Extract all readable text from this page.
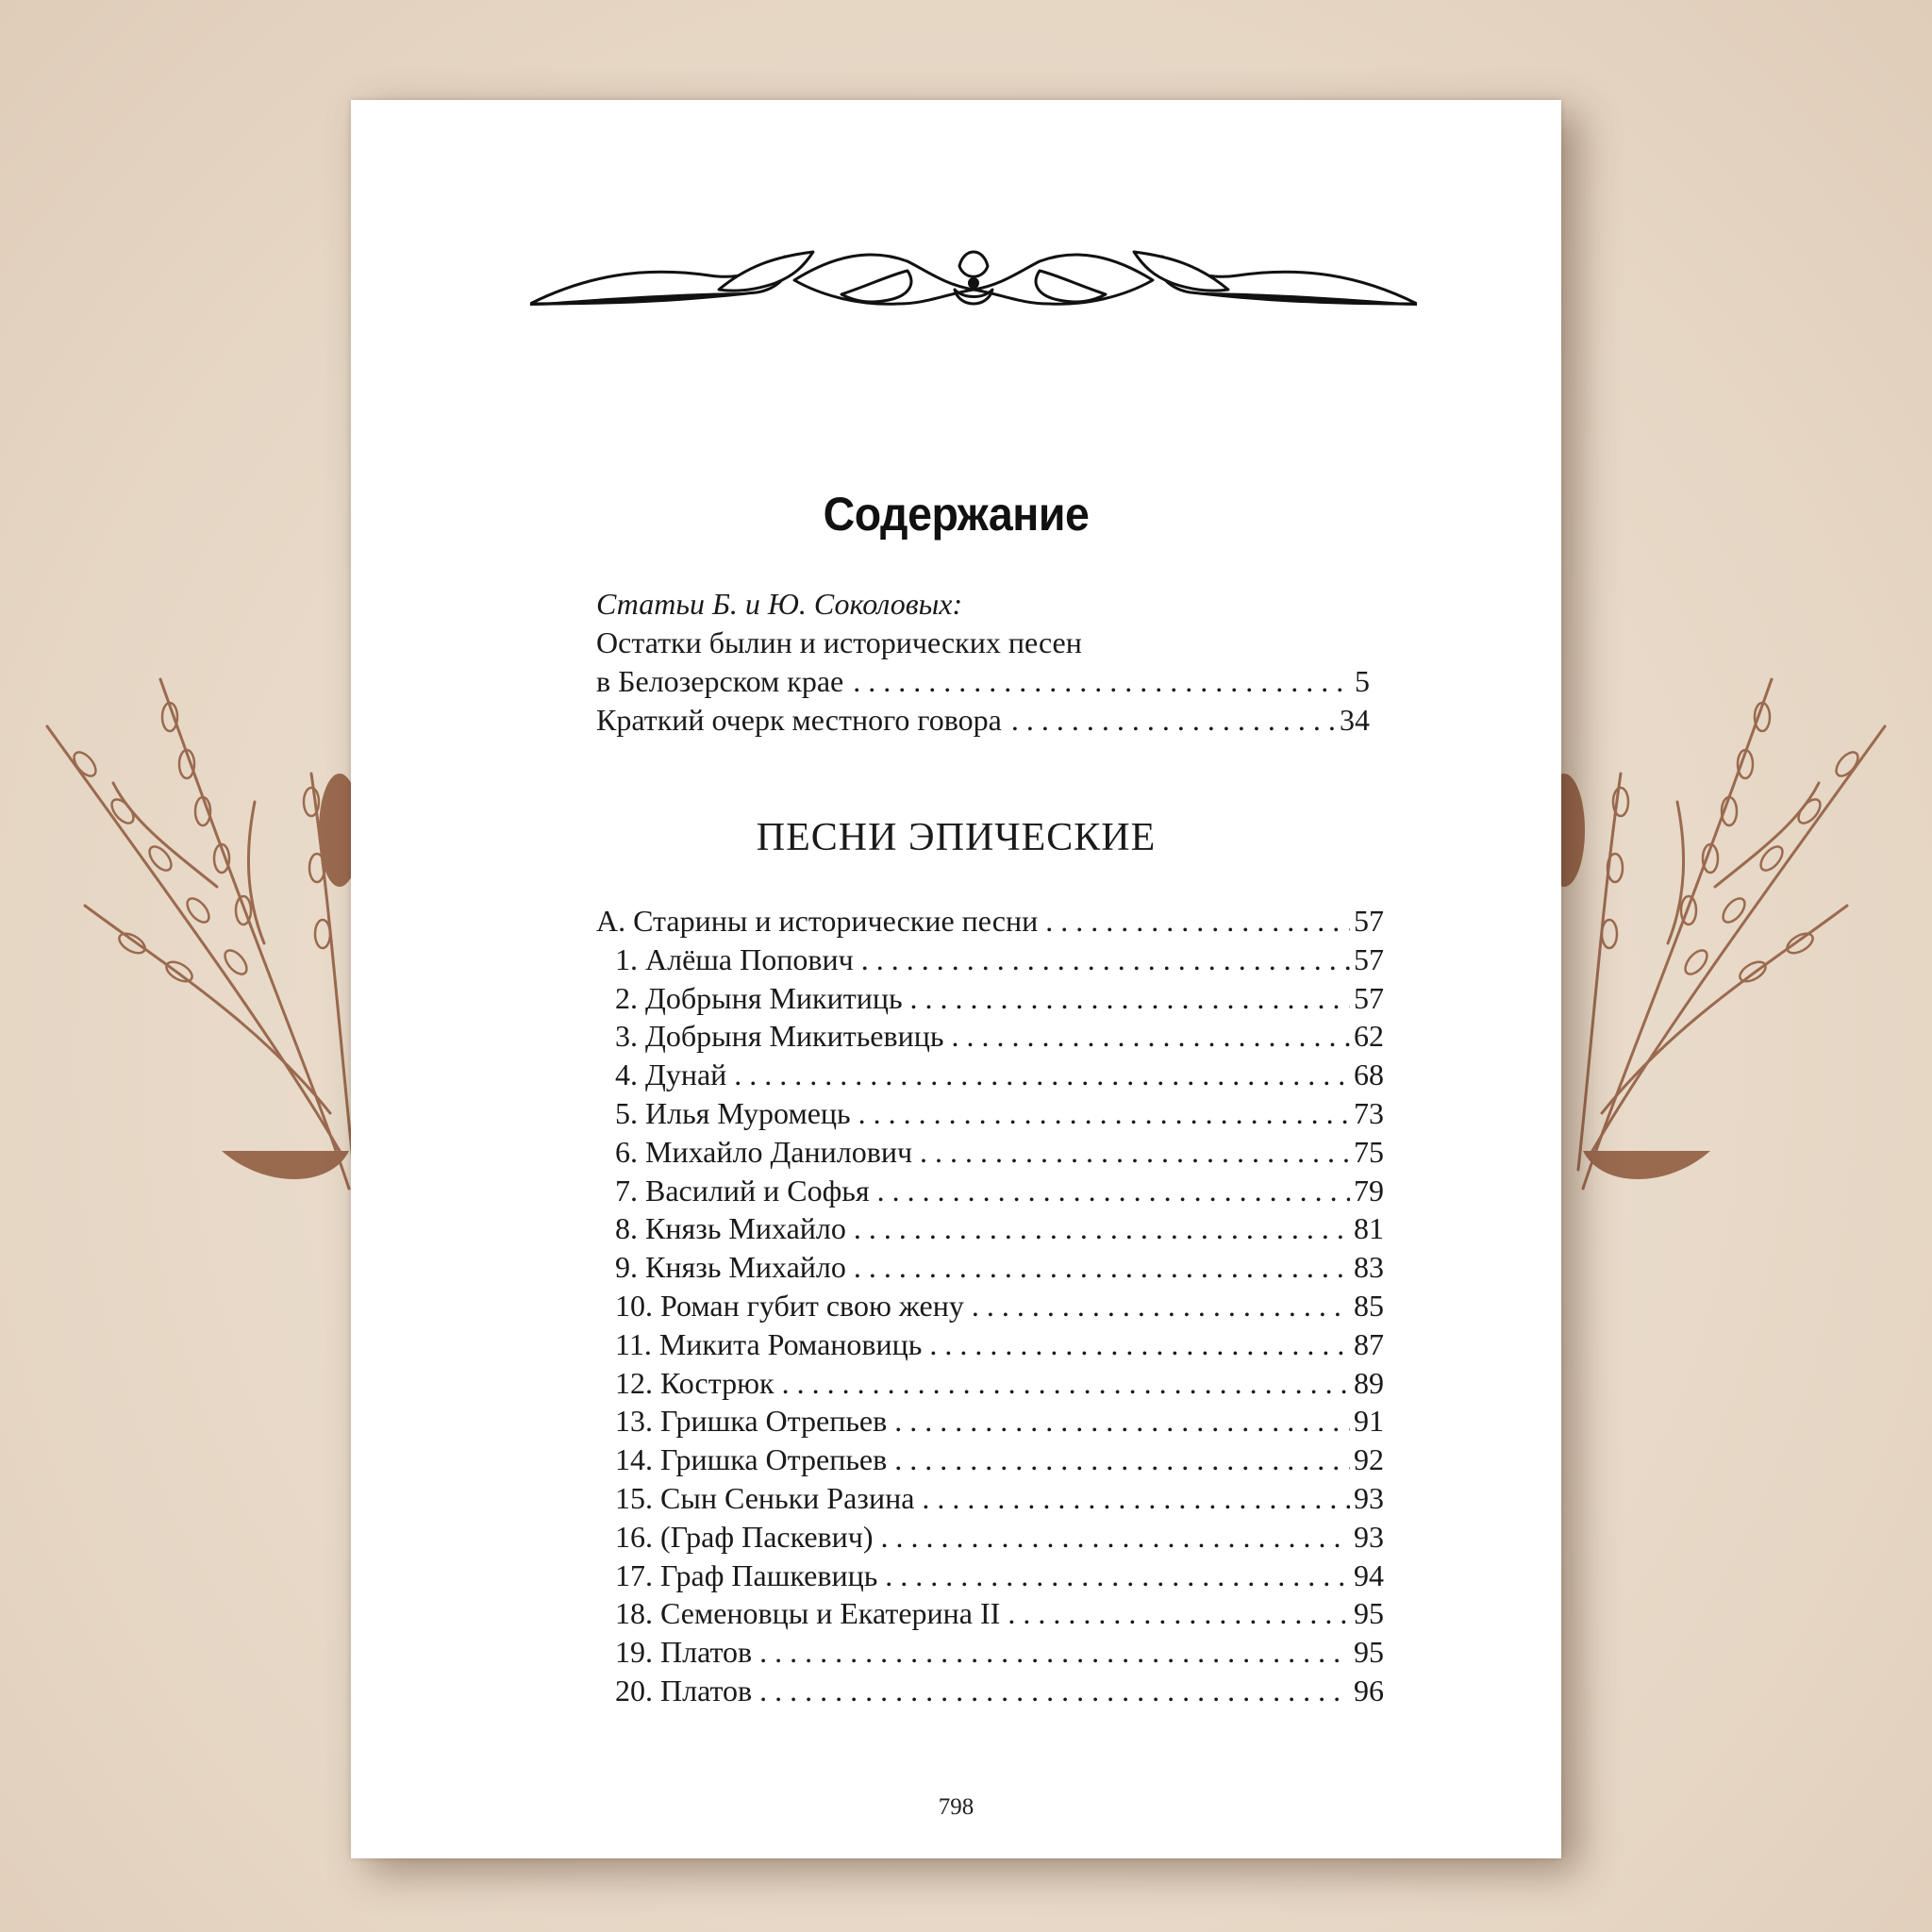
Содержание
Статьи Б. и Ю. Соколовых:
Остатки былин и исторических песен
в Белозерском крае . . .	5
Краткий очерк местного говора . . .	34
ПЕСНИ ЭПИЧЕСКИЕ
А. Старины и исторические песни . . .	57
1. Алёша Попович . . .	57
2. Добрыня Микитиць . . .	57
3. Добрыня Микитьевиць . . .	62
4. Дунай . . .	68
5. Илья Муромець . . .	73
6. Михайло Данилович . . .	75
7. Василий и Софья . . .	79
8. Князь Михайло . . .	81
9. Князь Михайло . . .	83
10. Роман губит свою жену . . .	85
11. Микита Романовиць . . .	87
12. Кострюк . . .	89
13. Гришка Отрепьев . . .	91
14. Гришка Отрепьев . . .	92
15. Сын Сеньки Разина . . .	93
16. (Граф Паскевич) . . .	93
17. Граф Пашкевиць . . .	94
18. Семеновцы и Екатерина II . . .	95
19. Платов . . .	95
20. Платов . . .	96
798
